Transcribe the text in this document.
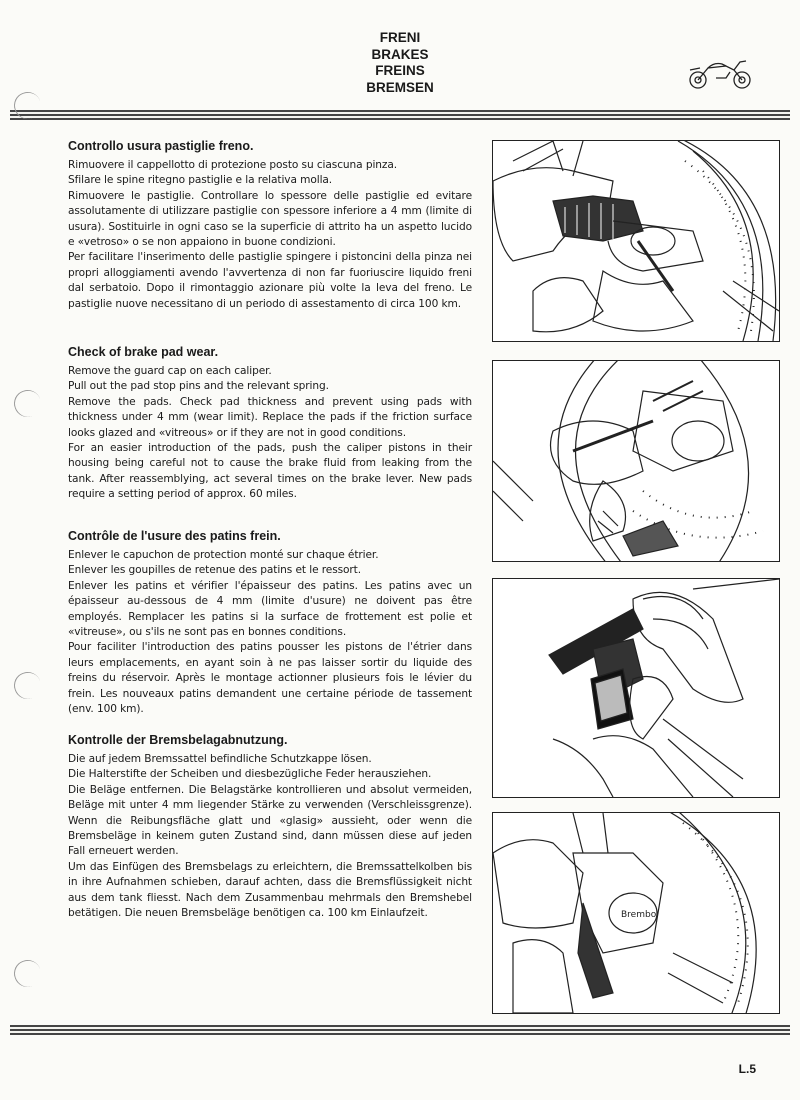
FRENI
BRAKES
FREINS
BREMSEN
Controllo usura pastiglie freno.

Rimuovere il cappellotto di protezione posto su ciascuna pinza.

Sfilare le spine ritegno pastiglie e la relativa molla.

Rimuovere le pastiglie. Controllare lo spessore delle pastiglie ed evitare assolutamente di utilizzare pastiglie con spessore inferiore a 4 mm (limite di usura). Sostituirle in ogni caso se la superficie di attrito ha un aspetto lucido e «vetroso» o se non appaiono in buone condizioni.

Per facilitare l'inserimento delle pastiglie spingere i pistoncini della pinza nei propri alloggiamenti avendo l'avvertenza di non far fuoriuscire liquido freni dal serbatoio. Dopo il rimontaggio azionare più volte la leva del freno. Le pastiglie nuove necessitano di un periodo di assestamento di circa 100 km.

Check of brake pad wear.

Remove the guard cap on each caliper.

Pull out the pad stop pins and the relevant spring.

Remove the pads. Check pad thickness and prevent using pads with thickness under 4 mm (wear limit). Replace the pads if the friction surface looks glazed and «vitreous» or if they are not in good conditions.

For an easier introduction of the pads, push the caliper pistons in their housing being careful not to cause the brake fluid from leaking from the tank. After reassemblying, act several times on the brake lever. New pads require a setting period of approx. 60 miles.

Contrôle de l'usure des patins frein.

Enlever le capuchon de protection monté sur chaque étrier.

Enlever les goupilles de retenue des patins et le ressort.

Enlever les patins et vérifier l'épaisseur des patins. Les patins avec un épaisseur au-dessous de 4 mm (limite d'usure) ne doivent pas être employés. Remplacer les patins si la surface de frottement est polie et «vitreuse», ou s'ils ne sont pas en bonnes conditions.

Pour faciliter l'introduction des patins pousser les pistons de l'étrier dans leurs emplacements, en ayant soin à ne pas laisser sortir du liquide des freins du réservoir. Après le montage actionner plusieurs fois le lévier du frein. Les nouveaux patins demandent une certaine période de tassement (env. 100 km).

Kontrolle der Bremsbelagabnutzung.

Die auf jedem Bremssattel befindliche Schutzkappe lösen.

Die Halterstifte der Scheiben und diesbezügliche Feder herausziehen.

Die Beläge entfernen. Die Belagstärke kontrollieren und absolut vermeiden, Beläge mit unter 4 mm liegender Stärke zu verwenden (Verschleissgrenze). Wenn die Reibungsfläche glatt und «glasig» aussieht, oder wenn die Bremsbeläge in keinem guten Zustand sind, dann müssen diese auf jeden Fall erneuert werden.

Um das Einfügen des Bremsbelags zu erleichtern, die Bremssattelkolben bis in ihre Aufnahmen schieben, darauf achten, dass die Bremsflüssigkeit nicht aus dem tank fliesst. Nach dem Zusammenbau mehrmals den Bremshebel betätigen. Die neuen Bremsbeläge benötigen ca. 100 km Einlaufzeit.	Brembo
L.5
